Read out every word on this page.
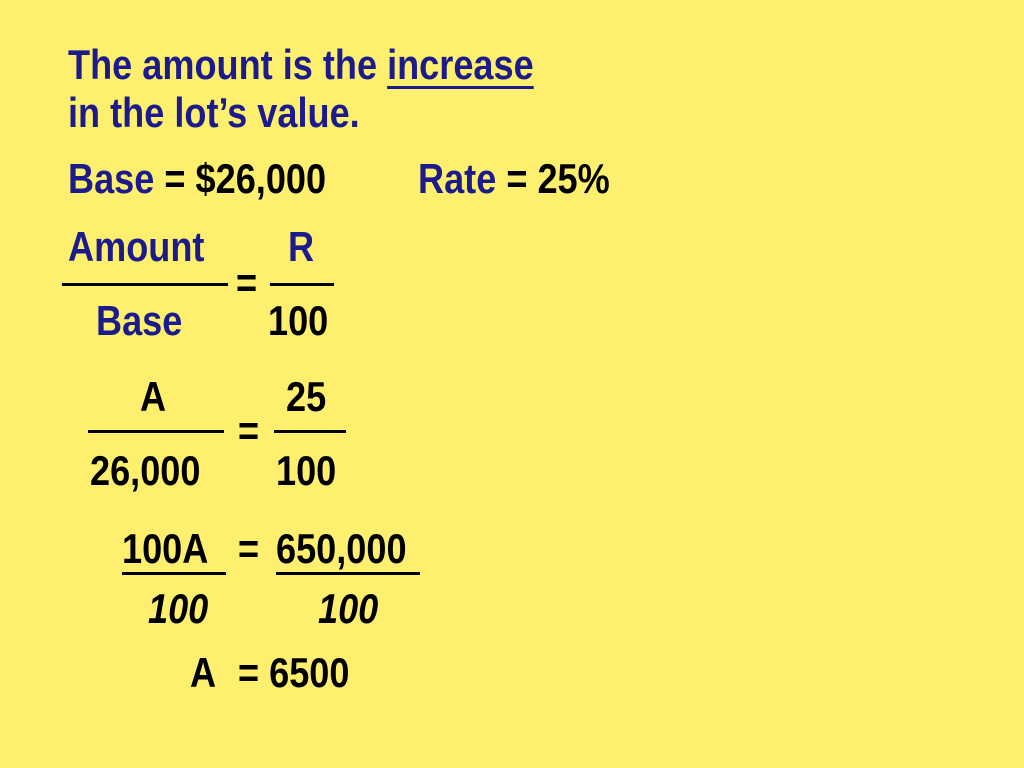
The amount is the increase
in the lot’s value.
Base = $26,000 Rate = 25%
Amount
Base
=
R
100
A
26,000
=
25
100
100A = 650,000
100	100
A = 6500
